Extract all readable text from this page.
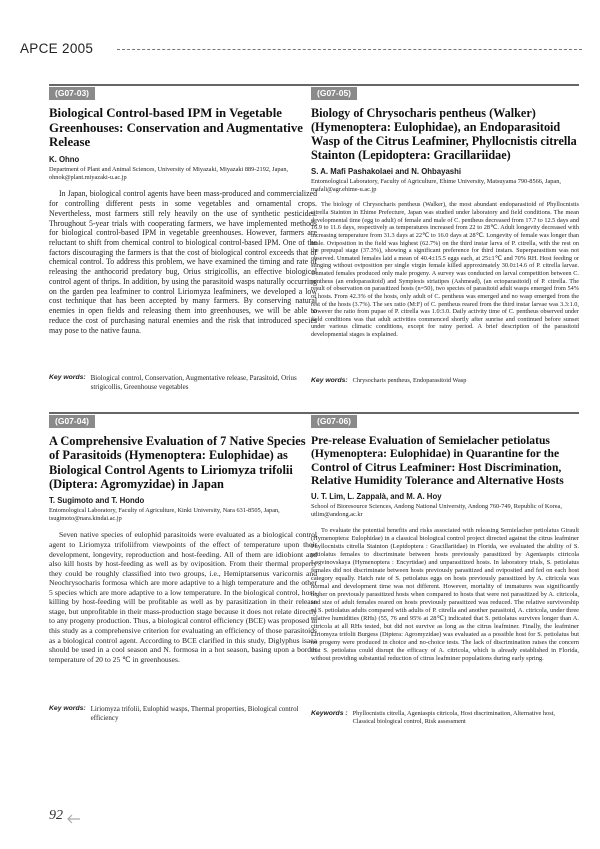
APCE 2005
(G07-03)
Biological Control-based IPM in Vegetable Greenhouses: Conservation and Augmentative Release
K. Ohno
Department of Plant and Animal Sciences, University of Miyazaki, Miyazaki 889-2192, Japan, ohnok@plant.miyazaki-u.ac.jp
In Japan, biological control agents have been mass-produced and commercialized for controlling different pests in some vegetables and ornamental crops. Nevertheless, most farmers still rely heavily on the use of synthetic pesticides. Throughout 5-year trials with cooperating farmers, we have implemented methods for biological control-based IPM in vegetable greenhouses. However, farmers are reluctant to shift from chemical control to biological control-based IPM. One of the factors discouraging the farmers is that the cost of biological control exceeds that of chemical control. To address this problem, we have examined the timing and rate of releasing the anthocorid predatory bug, Orius strigicollis, an effective biological control agent of thrips. In addition, by using the parasitoid wasps naturally occurring on the garden pea leafminer to control Liriomyza leafminers, we developed a low cost technique that has been accepted by many farmers. By conserving natural enemies in open fields and releasing them into greenhouses, we will be able to reduce the cost of purchasing natural enemies and the risk that introduced species may pose to the native fauna.
Key words: Biological control, Conservation, Augmentative release, Parasitoid, Orius strigicollis, Greenhouse vegetables
(G07-04)
A Comprehensive Evaluation of 7 Native Species of Parasitoids (Hymenoptera: Eulophidae) as Biological Control Agents to Liriomyza trifolii (Diptera: Agromyzidae) in Japan
T. Sugimoto and T. Hondo
Entomological Laboratory, Faculty of Agriculture, Kinki University, Nara 631-8505, Japan, tsugimoto@nara.kindai.ac.jp
Seven native species of eulophid parasitoids were evaluated as a biological control agent to Liriomyza trifoliifrom viewpoints of the effect of temperature upon their development, longevity, reproduction and host-feeding. All of them are idiobiont and also kill hosts by host-feeding as well as by oviposition. From their thermal property they could be roughly classified into two groups, i.e., Hemiptarsenus varicornis and Neochrysocharis formosa which are more adaptive to a high temperature and the other 5 species which are more adaptive to a low temperature. In the biological control, host-killing by host-feeding will be profitable as well as by parasitization in their release stage, but unprofitable in their mass-production stage because it does not relate directly to any progeny production. Thus, a biological control efficiency (BCE) was proposed in this study as a comprehensive criterion for evaluating an efficiency of those parasitoids as a biological control agent. According to BCE clarified in this study, Diglyphus isaea should be used in a cool season and N. formosa in a hot season, basing upon a border temperature of 20 to 25 ℃ in greenhouses.
Key words: Liriomyza trifolii, Eulophid wasps, Thermal properties, Biological control efficiency
(G07-05)
Biology of Chrysocharis pentheus (Walker) (Hymenoptera: Eulophidae), an Endoparasitoid Wasp of the Citrus Leafminer, Phyllocnistis citrella Stainton (Lepidoptera: Gracillariidae)
S. A. Mafi Pashakolaei and N. Ohbayashi
Entomological Laboratory, Faculty of Agriculture, Ehime University, Matsuyama 790-8566, Japan, mafali@agr.ehime-u.ac.jp
The biology of Chrysocharis pentheus (Walker), the most abundant endoparasitoid of Phyllocnistis citrella Stainton in Ehime Prefecture, Japan was studied under laboratory and field conditions. The mean developmental time (egg to adult) of female and male of C. pentheus decreased from 17.7 to 12.5 days and 16.9 to 11.6 days, respectively as temperatures increased from 22 to 28℃. Adult longevity decreased with increasing temperature from 31.3 days at 22℃ to 16.0 days at 28℃. Longevity of female was longer than male. Oviposition in the field was highest (62.7%) on the third instar larva of P. citrella, with the rest on the prepupal stage (37.3%), showing a significant preference for third instars. Superparasitism was not observed. Unmated females laid a mean of 40.4±15.5 eggs each, at 25±1℃ and 70% RH. Host feeding or stinging without oviposition per single virgin female killed approximately 30.0±14.6 of P. citrella larvae. Unmated females produced only male progeny. A survey was conducted on larval competition between C. pentheus (an endoparasitoid) and Sympiesis striatipes (Ashmead), (an ectoparasitoid) of P. citrella. The result of observation on parasitized hosts (n=50), two species of parasitoid adult wasps emerged from 54% of hosts. From 42.3% of the hosts, only adult of C. pentheus was emerged and no wasp emerged from the rest of the hosts (3.7%). The sex ratio (M:F) of C. pentheus reared from the third instar larvae was 3.3:1.0, however the ratio from pupae of P. citrella was 1.0:3.0. Daily activity time of C. pentheus observed under field conditions was that adult activities commenced shortly after sunrise and continued before sunset under various climatic conditions, except for rainy period. A brief description of the parasitoid developmental stages is explained.
Key words: Chrysocharis pentheus, Endoparasitoid Wasp
(G07-06)
Pre-release Evaluation of Semielacher petiolatus (Hymenoptera: Eulophidae) in Quarantine for the Control of Citrus Leafminer: Host Discrimination, Relative Humidity Tolerance and Alternative Hosts
U. T. Lim, L. Zappalà, and M. A. Hoy
School of Bioresource Sciences, Andong National University, Andong 760-749, Republic of Korea, utlim@andong.ac.kr
To evaluate the potential benefits and risks associated with releasing Semielacher petiolatus Girault (Hymenoptera: Eulophidae) in a classical biological control project directed against the citrus leafminer Phyllocnistis citrella Stainton (Lepidoptera : Gracillariidae) in Florida, we evaluated the ability of S. petiolatus females to discriminate between hosts previously parasitized by Ageniaspis citricola Logvinovskaya (Hymenoptera : Encyrtidae) and unparasitized hosts. In laboratory trials, S. petiolatus females did not discriminate between hosts previously parasitized and oviposited and fed on each host category equally. Hatch rate of S. petiolatus eggs on hosts previously parasitized by A. citricola was normal and development time was not different. However, mortality of immatures was significantly higher on previously parasitized hosts when compared to hosts that were not parasitized by A. citricola, and size of adult females reared on hosts previously parasitized was reduced. The relative survivorship of S. petiolatus adults compared with adults of P. citrella and another parasitoid, A. citricola, under three relative humidities (RHs) (55, 76 and 95% at 28℃) indicated that S. petiolatus survives longer than A. citricola at all RHs tested, but did not survive as long as the citrus leafminer. Finally, the leafminer Liriomyza trifolii Burgess (Diptera: Agromyzidae) was evaluated as a possible host for S. petiolatus but no progeny were produced in choice and no-choice tests. The lack of discrimination raises the concern that S. petiolatus could disrupt the efficacy of A. citricola, which is already established in Florida, without providing substantial reduction of citrus leafminer populations during early spring.
Keywords : Phyllocnistis citrella, Ageniaspis citricola, Host discrimination, Alternative host, Classical biological control, Risk assessment
92
